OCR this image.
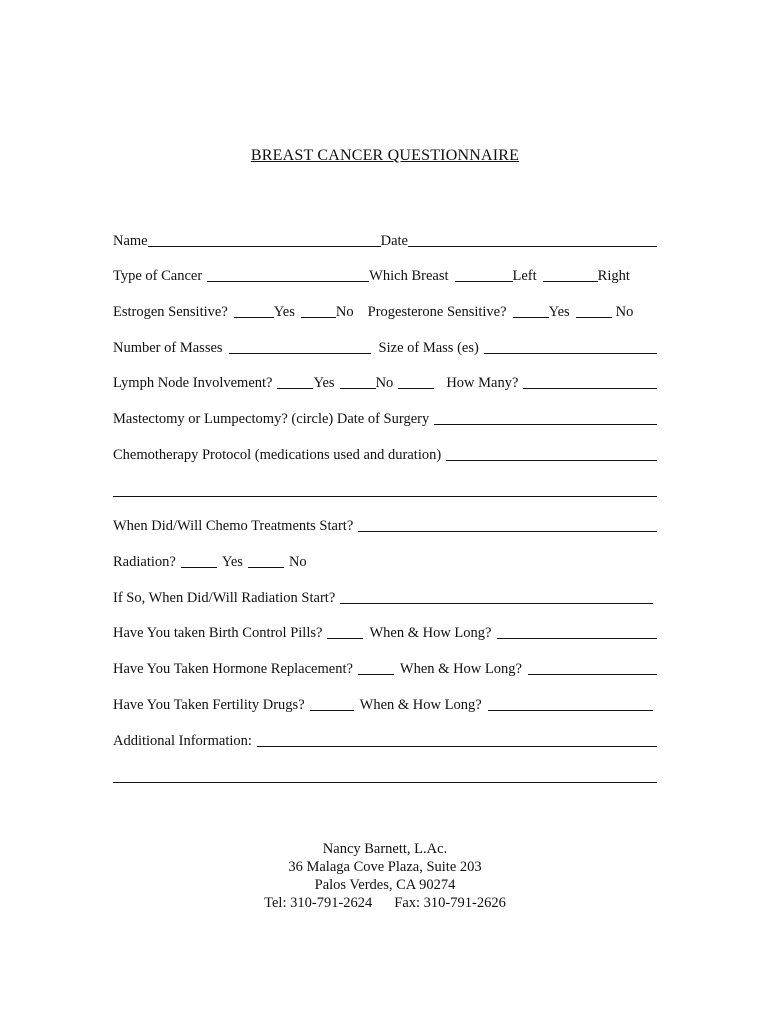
BREAST CANCER QUESTIONNAIRE
Name	Date
Type of Cancer	Which Breast	Left	Right
Estrogen Sensitive?	Yes	No Progesterone Sensitive?	Yes	No
Number of Masses	Size of Mass (es)
Lymph Node Involvement?	Yes	No	How Many?
Mastectomy or Lumpectomy? (circle) Date of Surgery
Chemotherapy Protocol (medications used and duration)
When Did/Will Chemo Treatments Start?
Radiation?	Yes	No
If So, When Did/Will Radiation Start?
Have You taken Birth Control Pills?	When & How Long?
Have You Taken Hormone Replacement?	When & How Long?
Have You Taken Fertility Drugs?	When & How Long?
Additional Information:
Nancy Barnett, L.Ac.
36 Malaga Cove Plaza, Suite 203
Palos Verdes, CA 90274
Tel: 310-791-2624 Fax: 310-791-2626
